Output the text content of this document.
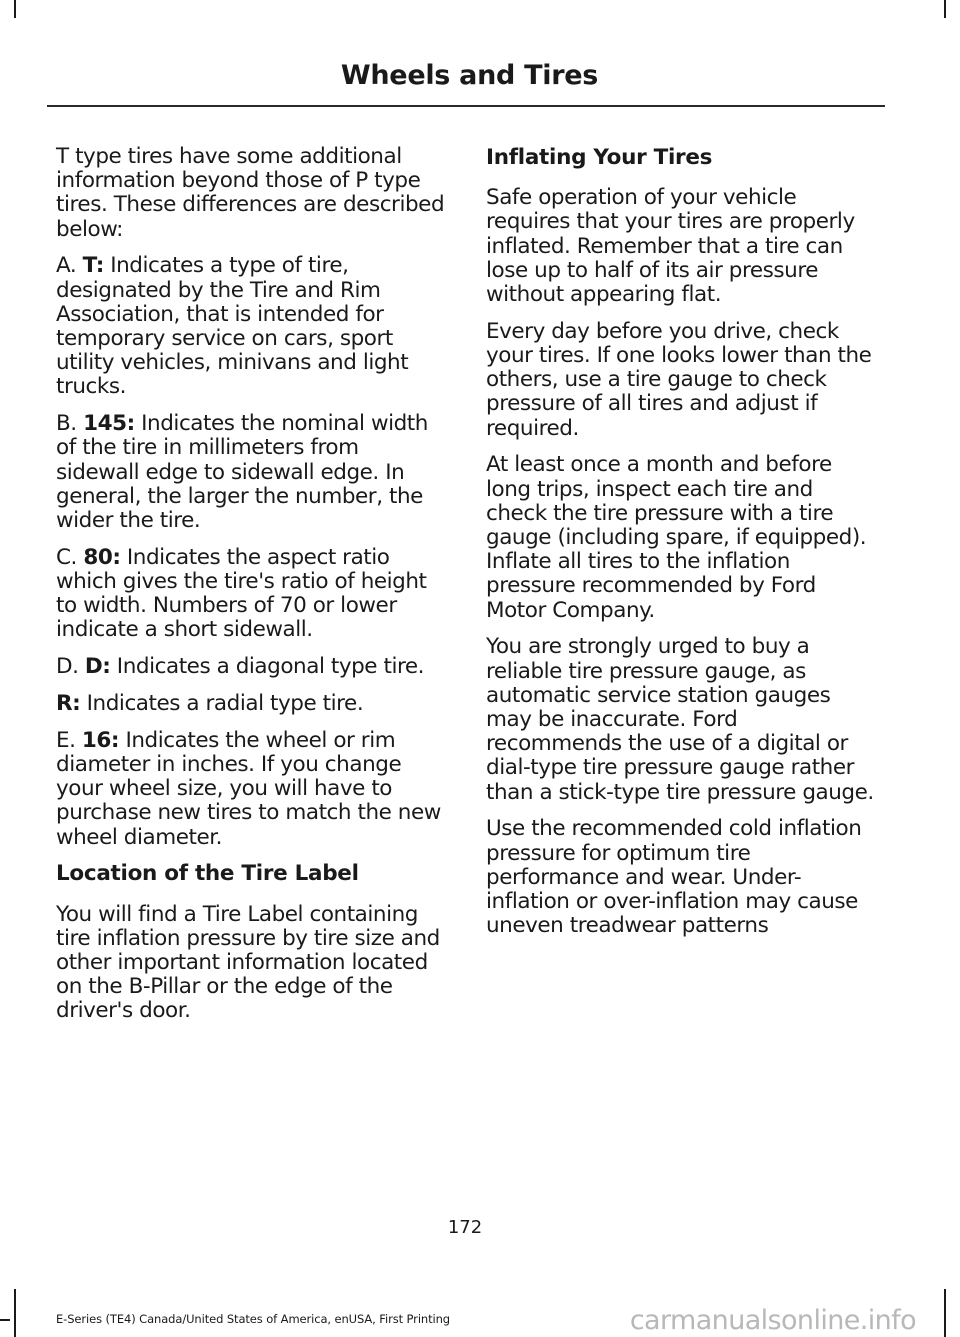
Wheels and Tires

T type tires have some additional information beyond those of P type tires. These differences are described below:

A. T: Indicates a type of tire, designated by the Tire and Rim Association, that is intended for temporary service on cars, sport utility vehicles, minivans and light trucks.

B. 145: Indicates the nominal width of the tire in millimeters from sidewall edge to sidewall edge. In general, the larger the number, the wider the tire.

C. 80: Indicates the aspect ratio which gives the tire's ratio of height to width. Numbers of 70 or lower indicate a short sidewall.

D. D: Indicates a diagonal type tire.

R: Indicates a radial type tire.

E. 16: Indicates the wheel or rim diameter in inches. If you change your wheel size, you will have to purchase new tires to match the new wheel diameter.

Location of the Tire Label

You will find a Tire Label containing tire inflation pressure by tire size and other important information located on the B-Pillar or the edge of the driver's door.

Inflating Your Tires

Safe operation of your vehicle requires that your tires are properly inflated. Remember that a tire can lose up to half of its air pressure without appearing flat.

Every day before you drive, check your tires. If one looks lower than the others, use a tire gauge to check pressure of all tires and adjust if required.

At least once a month and before long trips, inspect each tire and check the tire pressure with a tire gauge (including spare, if equipped). Inflate all tires to the inflation pressure recommended by Ford Motor Company.

You are strongly urged to buy a reliable tire pressure gauge, as automatic service station gauges may be inaccurate. Ford recommends the use of a digital or dial-type tire pressure gauge rather than a stick-type tire pressure gauge.

Use the recommended cold inflation pressure for optimum tire performance and wear. Under-inflation or over-inflation may cause uneven treadwear patterns

172
E-Series (TE4) Canada/United States of America, enUSA, First Printing	carmanualsonline.info
